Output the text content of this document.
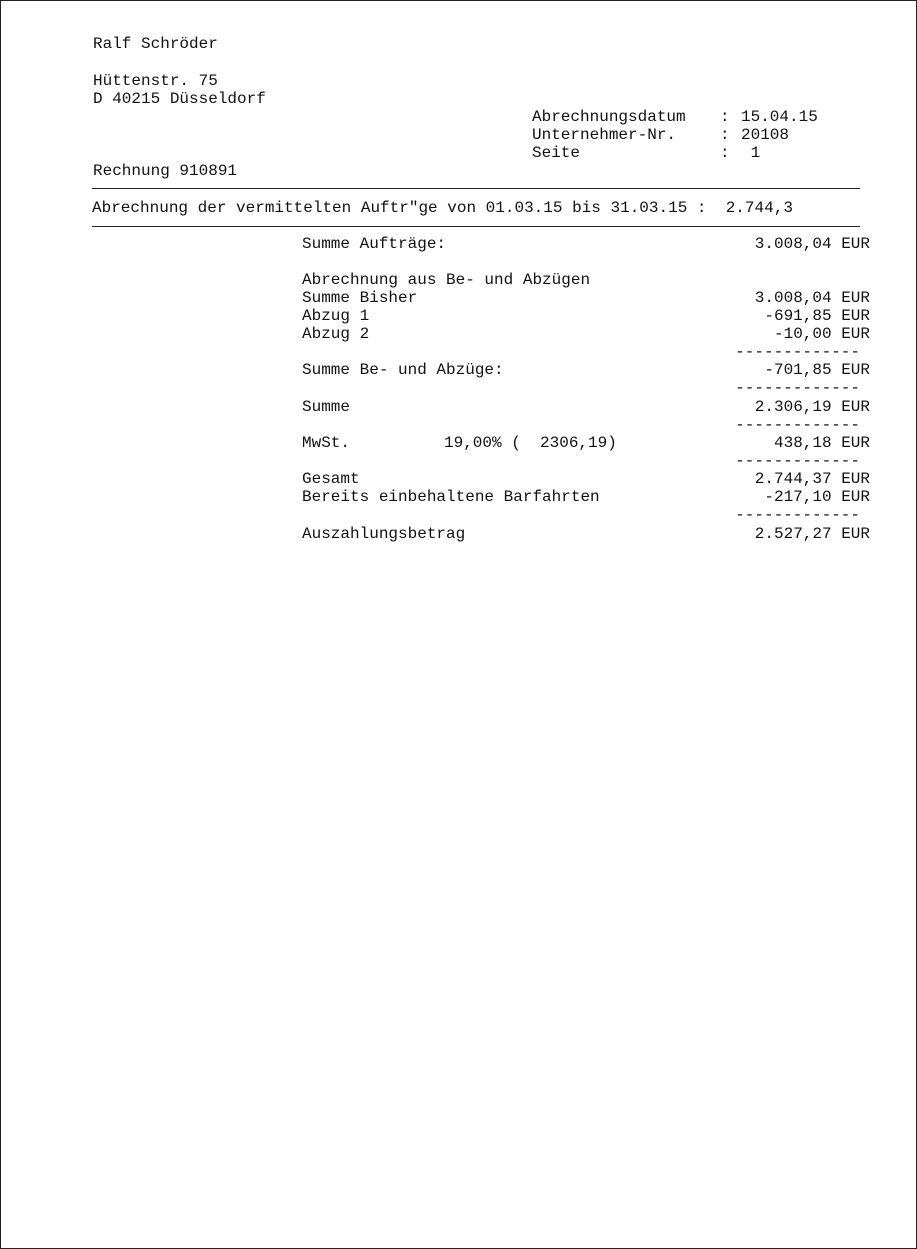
Ralf Schröder
Hüttenstr. 75
D 40215 Düsseldorf
Abrechnungsdatum : 15.04.15
Unternehmer-Nr.	: 20108
Seite	: 1
Rechnung 910891
Abrechnung der vermittelten Auftr"ge von 01.03.15 bis 31.03.15 :  2.744,3
Summe Aufträge:	3.008,04 EUR
Abrechnung aus Be- und Abzügen
Summe Bisher	3.008,04 EUR
Abzug 1	-691,85 EUR
Abzug 2	-10,00 EUR
-------------
Summe Be- und Abzüge:	-701,85 EUR
-------------
Summe	2.306,19 EUR
-------------
MwSt.	19,00% (  2306,19)	438,18 EUR
-------------
Gesamt	2.744,37 EUR
Bereits einbehaltene Barfahrten	-217,10 EUR
-------------
Auszahlungsbetrag	2.527,27 EUR
